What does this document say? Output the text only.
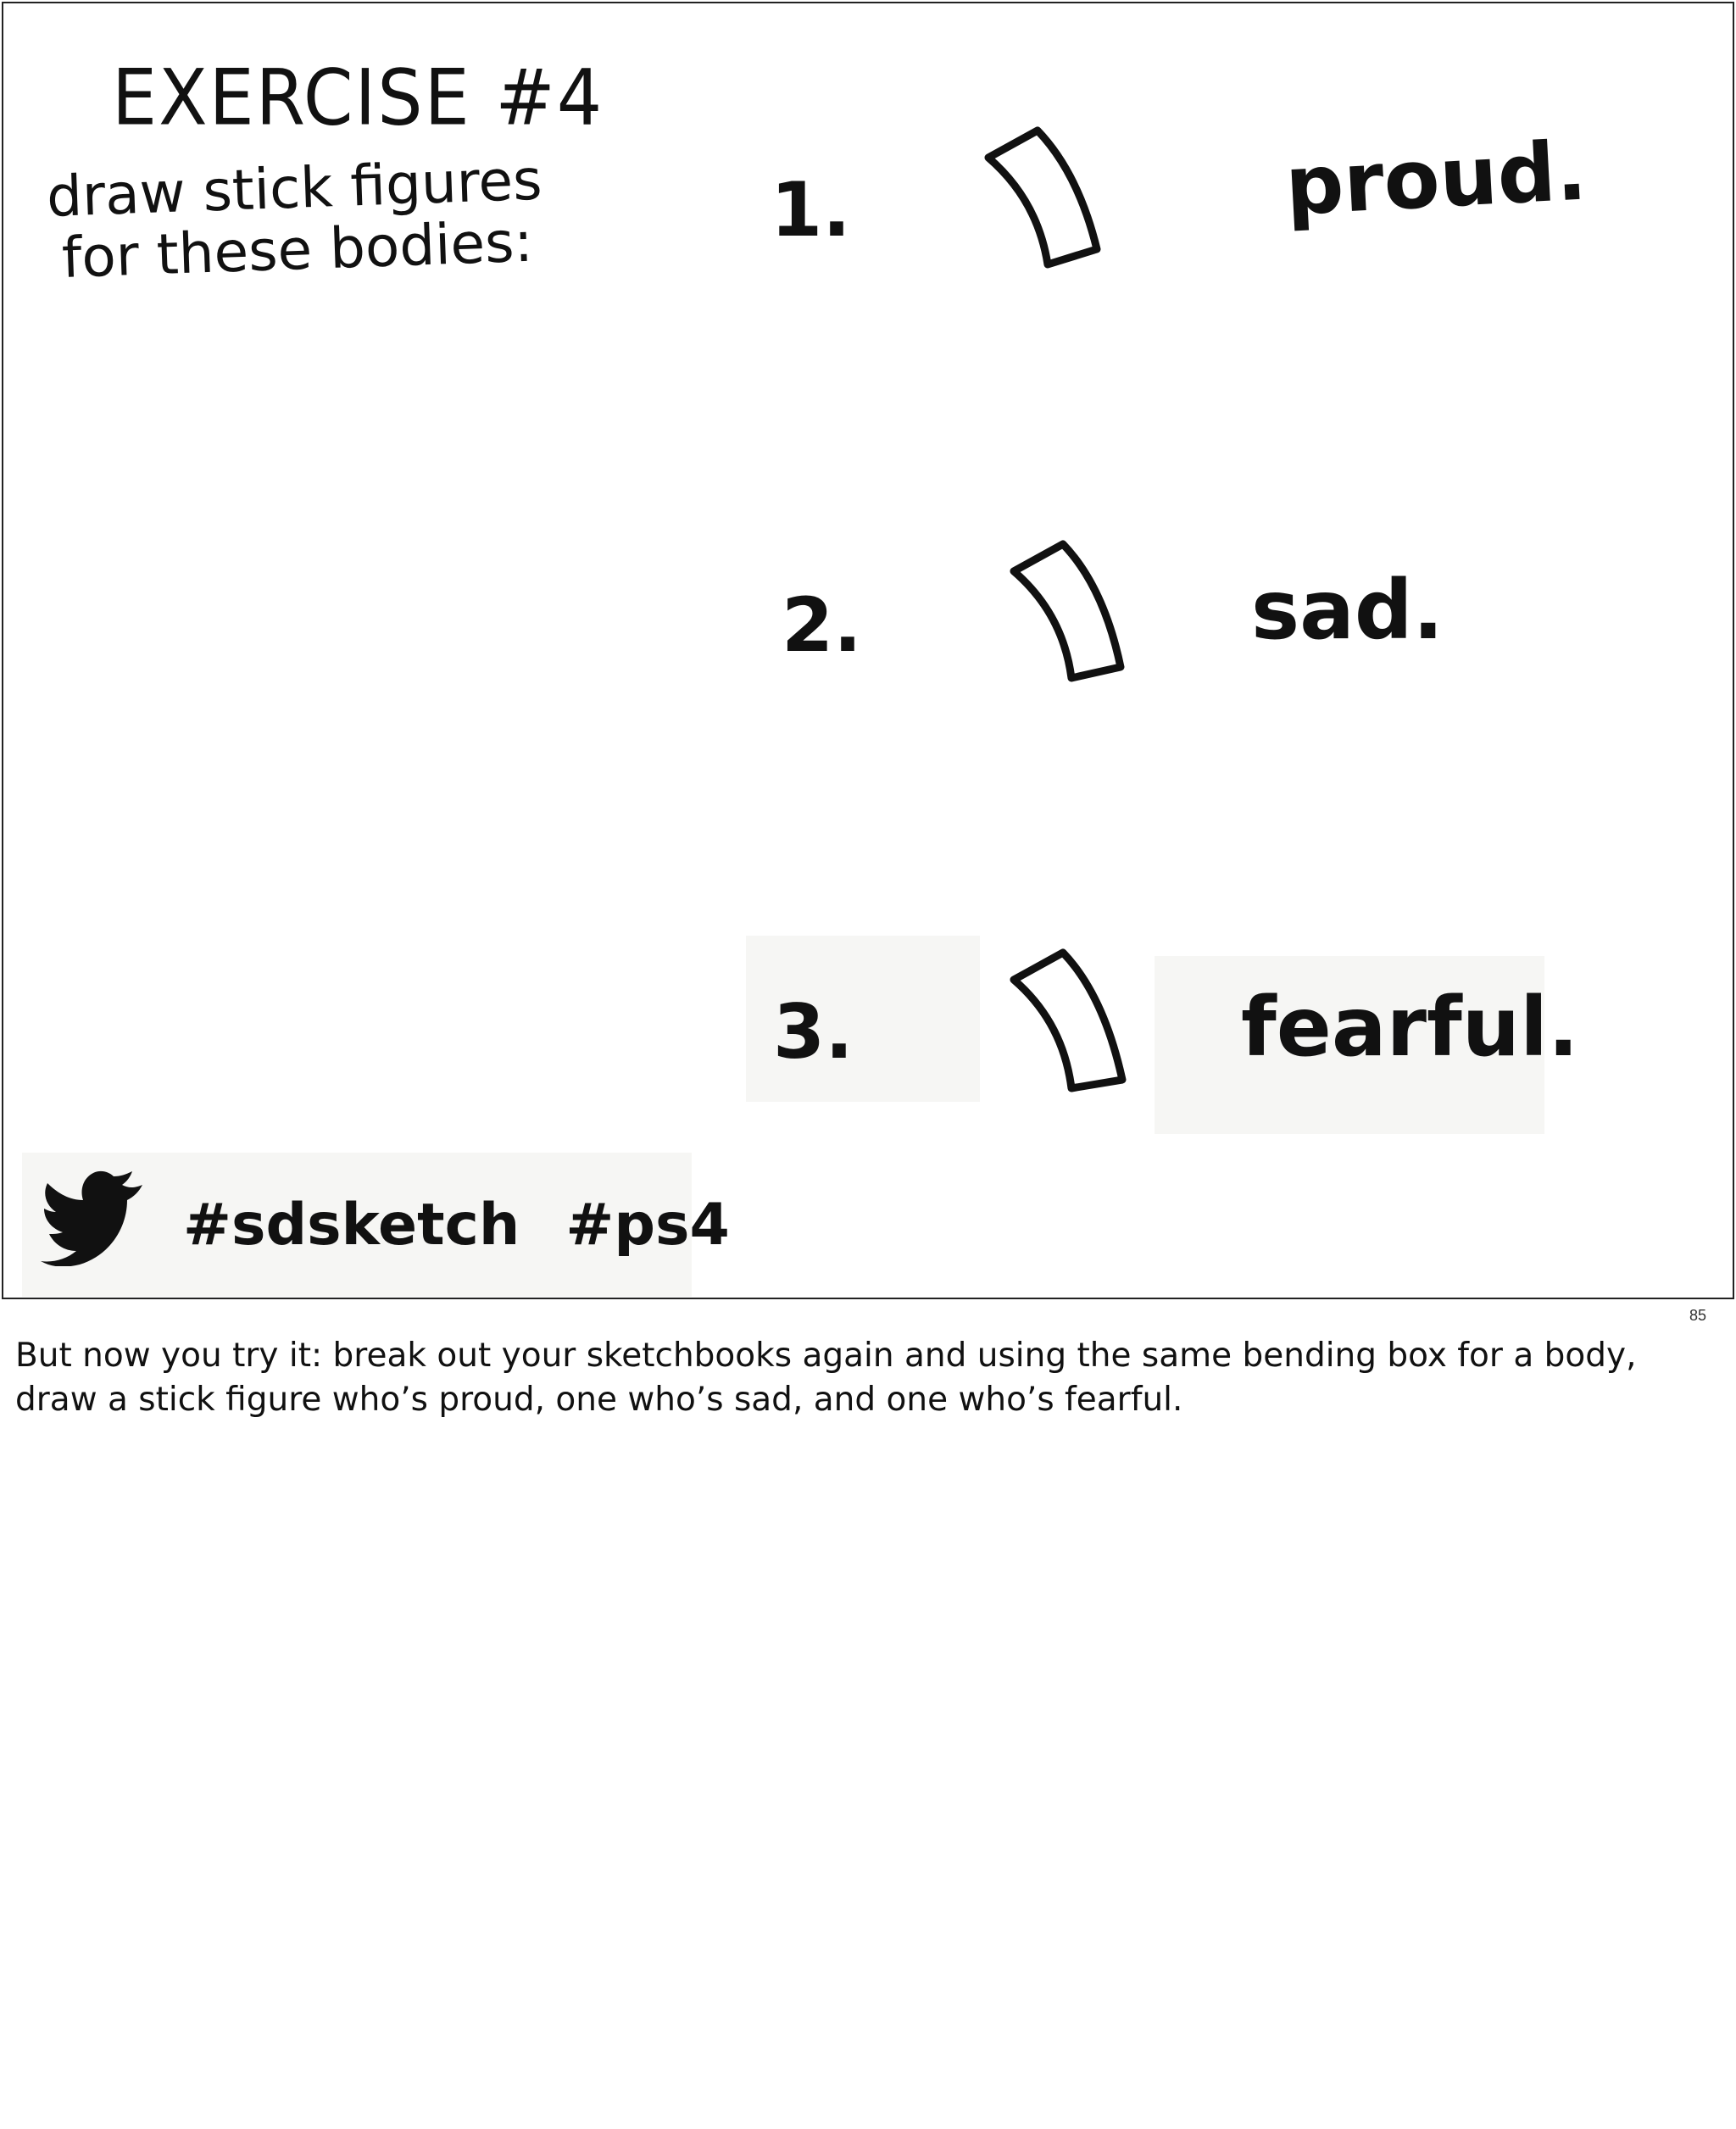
EXERCISE #4
draw stick figures
for these bodies:	1.	proud.
2.	sad.
3.	fearful.
#sdsketch #ps4
85
But now you try it: break out your sketchbooks again and using the same bending box for a body, draw a stick figure who’s proud, one who’s sad, and one who’s fearful.
